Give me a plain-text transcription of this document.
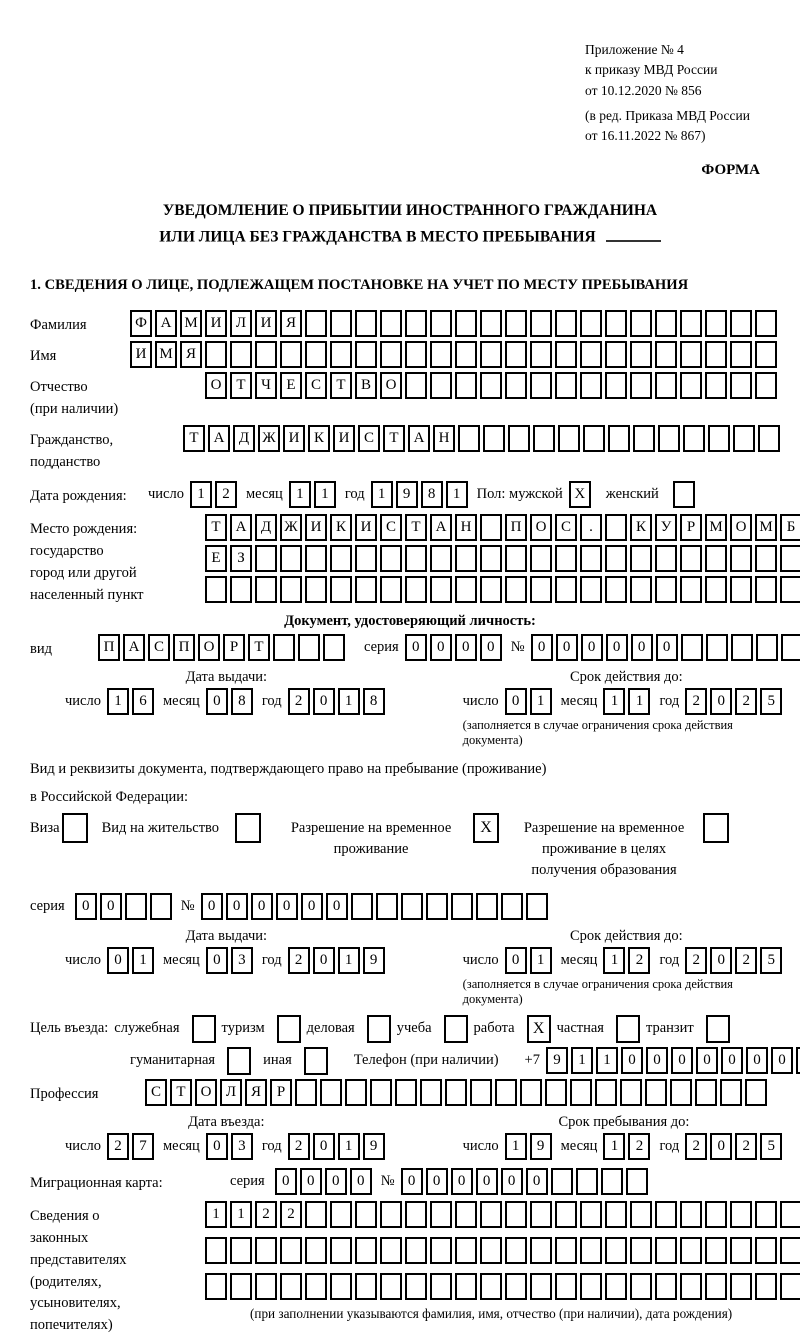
Приложение № 4
к приказу МВД России
от 10.12.2020 № 856
(в ред. Приказа МВД России
от 16.11.2022 № 867)
ФОРМА
УВЕДОМЛЕНИЕ О ПРИБЫТИИ ИНОСТРАННОГО ГРАЖДАНИНА
ИЛИ ЛИЦА БЕЗ ГРАЖДАНСТВА В МЕСТО ПРЕБЫВАНИЯ
1. СВЕДЕНИЯ О ЛИЦЕ, ПОДЛЕЖАЩЕМ ПОСТАНОВКЕ НА УЧЕТ ПО МЕСТУ ПРЕБЫВАНИЯ
Фамилия	Ф А М И Л И Я
Имя	И М Я
Отчество
(при наличии)
О Т	Ч	Е	С	Т	В О
Гражданство,
подданство
Т	А Д Ж И К И С	Т	А Н
Дата рождения:	число 1	2	месяц 1	1	год 1	9	8	1	Пол: мужской X	женский
Место рождения:
государство
город или другой
населенный пункт
Т	А Д Ж И К И С	Т	А Н	П О С	.	К У	Р М О М Б
Е	З
Документ, удостоверяющий личность:
вид	П А С П О	Р	Т	серия 0	0	0	0	№ 0	0	0	0	0	0
Дата выдачи:
число 1	6	месяц 0	8	год 2	0	1	8
Срок действия до:
число 0	1	месяц 1	1	год 2	0	2	5
(заполняется в случае ограничения срока действия документа)
Вид и реквизиты документа, подтверждающего право на пребывание (проживание)
в Российской Федерации:
Виза	Вид на жительство	Разрешение на временное проживание
X	Разрешение на временное проживание в целях получения образования
серия	0	0	№ 0	0	0	0	0	0
Дата выдачи:
число 0	1	месяц 0	3	год 2	0	1	9
Срок действия до:
число 0	1	месяц 1	2	год 2	0	2	5
(заполняется в случае ограничения срока действия документа)
Цель въезда: служебная	туризм	деловая	учеба	работа	X частная	транзит
гуманитарная	иная	Телефон (при наличии)	+7 9	1	1	0	0	0	0	0	0	0
Профессия	С	Т	О Л Я	Р
Дата въезда:
число 2	7	месяц 0	3	год 2	0	1	9
Срок пребывания до:
число 1	9	месяц 1	2	год 2	0	2	5
Миграционная карта:	серия	0	0	0	0	№ 0	0	0	0	0	0
Сведения о
законных
представителях
(родителях,
усыновителях,
попечителях)
1	1	2	2
(при заполнении указываются фамилия, имя, отчество (при наличии), дата рождения)
